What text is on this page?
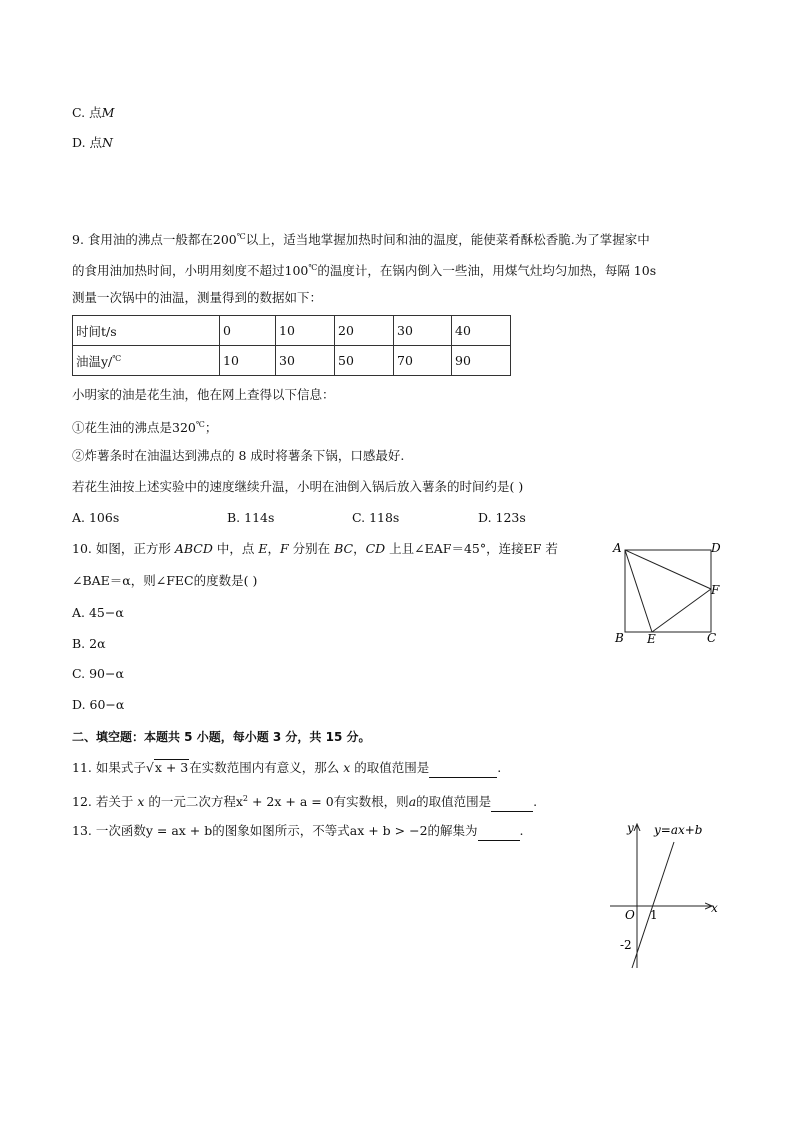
C. 点M
D. 点N
9. 食用油的沸点一般都在200℃以上，适当地掌握加热时间和油的温度，能使菜肴酥松香脆.为了掌握家中
的食用油加热时间，小明用刻度不超过100℃的温度计，在锅内倒入一些油，用煤气灶均匀加热，每隔 10s
测量一次锅中的油温，测量得到的数据如下：
时间t/s	0	10	20	30	40
油温y/℃	10	30	50	70	90
小明家的油是花生油，他在网上查得以下信息：
①花生油的沸点是320℃；
②炸薯条时在油温达到沸点的 8 成时将薯条下锅，口感最好.
若花生油按上述实验中的速度继续升温，小明在油倒入锅后放入薯条的时间约是( )
A. 106s	B. 114s	C. 118s	D. 123s
10. 如图，正方形 ABCD 中，点 E，F 分别在 BC，CD 上且∠EAF＝45°，连接EF 若
∠BAE＝α，则∠FEC的度数是( )
A. 45−α
B. 2α
C. 90−α
D. 60−α
A	D
B E	C
F
二、填空题：本题共 5 小题，每小题 3 分，共 15 分。
11. 如果式子√x + 3在实数范围内有意义，那么 x 的取值范围是	.
12. 若关于 x 的一元二次方程$x^2 + 2x + a = 0$有实数根，则a的取值范围是	.
13. 一次函数y = ax + b的图象如图所示，不等式ax + b > −2的解集为	.	y y=ax+b
x
O 1
-2
